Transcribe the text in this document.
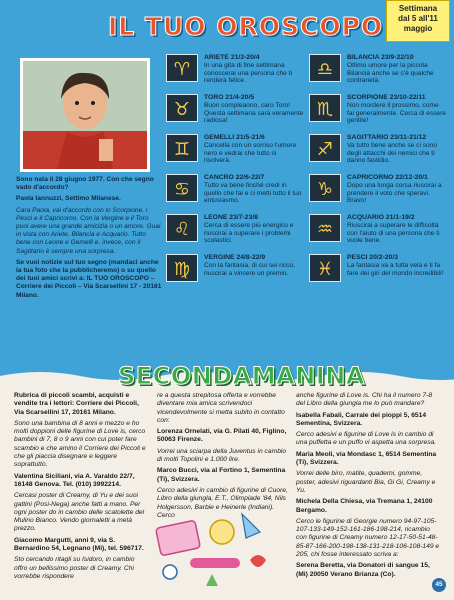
IL TUO OROSCOPO
Settimana
dal 5 all'11
maggio

Sono nata il 28 giugno 1977. Con che segno vado d'accordo?

Paola Iannuzzi, Settimo Milanese.

Cara Paola, vai d'accordo con lo Scorpione, i Pesci e il Capricorno. Con la Vergine e il Toro puoi avere una grande amicizia o un amore. Guai in vista con Ariete, Bilancia e Acquario. Tutto bene con Leone e Gemelli e, invece, con il Sagittario è sempre una sorpresa.

Se vuoi notizie sul tuo segno (mandaci anche la tua foto che la pubblicheremo) o su quello dei tuoi amici scrivi a: IL TUO OROSCOPO – Corriere dei Piccoli – Via Scarsellini 17 - 20161 Milano.

♈
ARIETE 21/3-20/4
In una gita di fine settimana conoscerai una persona che ti renderà felice.
♎
BILANCIA 23/9-22/10
Ottimo umore per la piccola Bilancia anche se c'è qualche contrarietà.
♉
TORO 21/4-20/5
Buon compleanno, caro Toro! Questa settimana sarà veramente radiosa!
♏
SCORPIONE 23/10-22/11
Non mordere il prossimo, come fai generalmente. Cerca di essere gentile!
♊
GEMELLI 21/5-21/6
Cancella con un sorriso l'umore nero e vedrai che tutto si risolverà.
♐
SAGITTARIO 23/11-21/12
Va tutto bene anche se ci sono degli attacchi dei nemici che ti danno fastidio.
♋
CANCRO 22/6-22/7
Tutto va bene finché credi in quello che fai e ci metti tutto il tuo entusiasmo.
♑
CAPRICORNO 22/12-20/1
Dopo una lunga corsa riuscirai a prendere il voto che speravi. Bravo!
♌
LEONE 23/7-23/8
Cerca di essere più energico e riuscirai a superare i problemi scolastici.
♒
ACQUARIO 21/1-19/2
Riuscirai a superare le difficoltà con l'aiuto di una persona che ti vuole bene.
♍
VERGINE 24/8-22/9
Con la fantasia, di cui sei ricco, riuscirai a vincere un premio.	♓
PESCI 20/2-20/3
La fantasia va a tutta vela e ti fa fare dei giri del mondo incredibili!
SECONDAMANINA

Rubrica di piccoli scambi, acquisti e vendite tra i lettori: Corriere dei Piccoli, Via Scarsellini 17, 20161 Milano.

Sono una bambina di 8 anni e mezzo e ho molti doppioni delle figurine di Love is, cerco bambini di 7, 8 o 9 anni con cui poter fare scambio e che amino il Corriere dei Piccoli e che gli piaccia disegnare e leggere soprattutto.

Valentina Siciliani, via A. Varaldo 22/7, 16148 Genova. Tel. (010) 3992214.

Cercasi poster di Creamy, di Yu e dei suoi gattini (Posi-Nega) anche fatti a mano. Per ogni poster do in cambio delle scatolette del Mulino Bianco. Vendo giornaletti a metà prezzo.

Giacomo Margutti, anni 9, via S. Bernardino 54, Legnano (Mi), tel. 596717.

Sto cercando ritagli su Isidoro, in cambio offro un bellissimo poster di Creamy. Chi vorrebbe rispondere

re a questa strepitosa offerta e vorrebbe diventare mia amica scrivendoci vicendevolmente si metta subito in contatto con:

Lorenza Ornelati, via G. Pilati 40, Figlino, 50063 Firenze.

Vorrei una sciarpa della Juventus in cambio di molti Topolini e 1.000 lire.

Marco Bucci, via al Fortino 1, Sementina (Ti), Svizzera.

Cerco adesivi in cambio di figurine di Cuore, Libro della giungla, E.T., Olimpiade '84, Nils Holgersson, Barbie e Heinerle (Indiani). Cerco

anche figurine di Love is. Chi ha il numero 7-8 del Libro della giungla me lo può mandare?

Isabella Fabali, Carrale dei pioppi 5, 6514 Sementina, Svizzera.

Cerco adesivi e figurine di Love is in cambio di una puffetta e un puffo vi aspetta una sorpresa.

Maria Meoli, via Mondasc 1, 6514 Sementina (Ti), Svizzera.

Vorrei delle biro, matite, quaderni, gomme, poster, adesivi riguardanti Bia, Gi Gi, Creamy e Yu.

Michela Della Chiesa, via Tremana 1, 24100 Bergamo.

Cerco le figurine di Georgie numero 94-97-105-107-133-149-152-161-186-198-214, ricambio con figurine di Creamy numero 12-17-50-51-48-85-87-166-200-198-138-131-218-106-108-149 e 205, chi fosse interessato scriva a:

Serena Beretta, via Donatori di sangue 15, (Mi) 20050 Verano Brianza (Co).

45
